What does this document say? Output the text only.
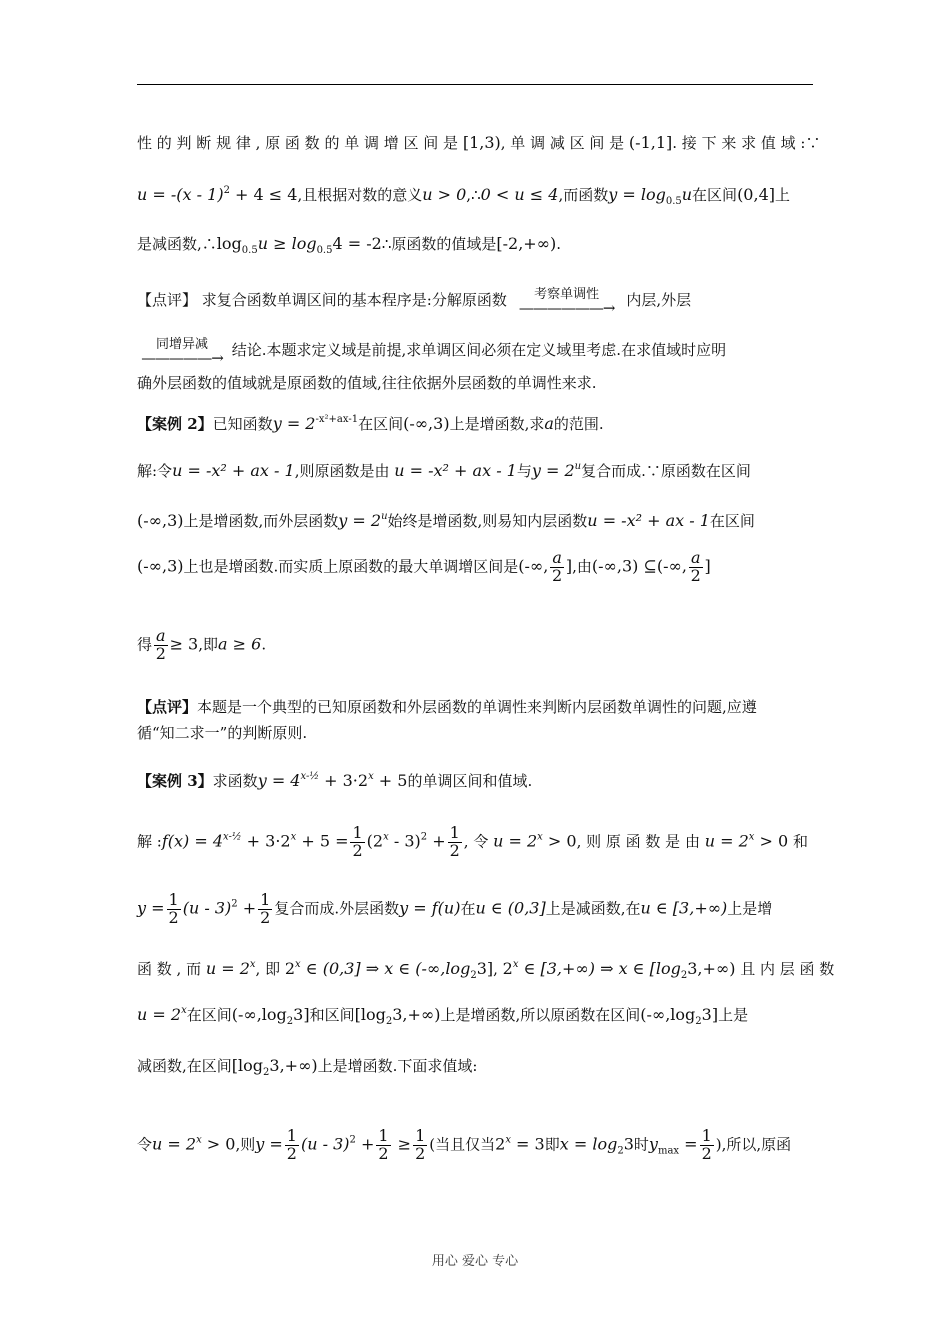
性 的 判 断 规 律 , 原 函 数 的 单 调 增 区 间 是 [1,3), 单 调 减 区 间 是 (-1,1]. 接 下 来 求 值 域 :∵
u = -(x - 1)$^2$ + 4 ≤ 4,且根据对数的意义u > 0,∴0 < u ≤ 4,而函数$y = \log_{0.5}u$在区间(0,4]上
是减函数$,\therefore\log_{0.5}u \ge \log_{0.5}4$ = -2∴原函数的值域是[-2,+∞).
【点评】 求复合函数单调区间的基本程序是:分解原函数	考察单调性
——————→ 内层,外层
同增异减
—————→ 结论.本题求定义域是前提,求单调区间必须在定义域里考虑.在求值域时应明
确外层函数的值域就是原函数的值域,往往依据外层函数的单调性来求.
【案例 2】已知函数$y = 2^{-x^2+ax-1}$在区间(-∞,3)上是增函数,求a的范围.
解:令u = -x² + ax - 1,则原函数是由 u = -x² + ax - 1与$y = 2^u$复合而成.∵原函数在区间
(-∞,3)上是增函数,而外层函数$y = 2^u$始终是增函数,则易知内层函数u = -x² + ax - 1在区间
(-∞,3)上也是增函数.而实质上原函数的最大单调增区间是(-∞, $\frac{a}{2}$ ],由(-∞,3) ⊆(-∞, $\frac{a}{2}$ ]
得 $\frac{a}{2} \ge 3$,即a ≥ 6.
【点评】本题是一个典型的已知原函数和外层函数的单调性来判断内层函数单调性的问题,应遵
循“知二求一”的判断原则.
【案例 3】求函数$y = 4^{x-\frac{1}{2}} + 3\cdot 2^x + 5$的单调区间和值域.
解 :f(x) = $4^{x-\frac{1}{2}} + 3\cdot 2^x + 5 = \frac{1}{2} (2^x - 3)^2 + \frac{1}{2}$ , 令 $u = 2^x > 0$, 则 原 函 数 是 由 $u = 2^x > 0$ 和
$y = \frac{1}{2} (u - 3)^2 + \frac{1}{2}$ 复合而成.外层函数y = f(u)在u ∈ (0,3]上是减函数,在u ∈ [3,+∞)上是增
函 数 , 而 $u = 2^x$, 即 2$^x$ ∈ (0,3] ⇒ x ∈ $(-\infty,\log_23]$, 2$^x$ ∈ [3,+∞) ⇒ x ∈ $[\log_23,+\infty)$ 且 内 层 函 数
$u = 2^x$在区间$(-\infty,\log_23]$和区间$[\log_23,+\infty)$上是增函数,所以原函数在区间$(-\infty,\log_23]$上是
减函数,在区间$[\log_23,+\infty)$上是增函数.下面求值域:
令$u = 2^x > 0$,则$y = \frac{1}{2} (u - 3)^2 + \frac{1}{2} \ge \frac{1}{2}$ (当且仅当$2^x = 3$即$x = \log_23$时$y_{max} = \frac{1}{2}$ ),所以,原函
用心 爱心 专心
